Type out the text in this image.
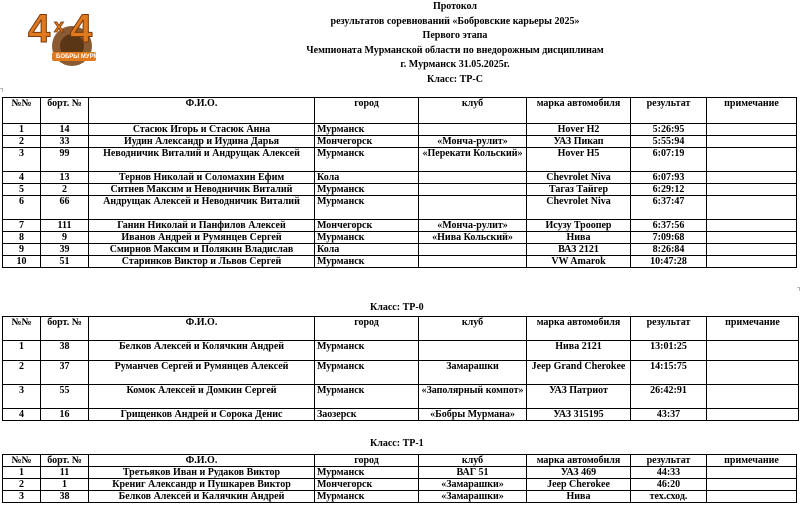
4 x 4
БОБРЫ МУРМАНА
Протокол
результатов соревнований «Бобровские карьеры 2025»
Первого этапа
Чемпионата Мурманской области по внедорожным дисциплинам
г. Мурманск 31.05.2025г.
Класс: ТР-С
┐
┐
№№	борт. №	Ф.И.О.	город	клуб	марка автомобиля	результат	примечание
1	14	Стасюк Игорь и Стасюк Анна	Мурманск		Hover H2	5:26:95	
2	33	Иудин Александр и Иудина Дарья	Мончегорск	«Мончa-рулит»	УАЗ Пикап	5:55:94	
3	99	Неводничик Виталий и Андрущак Алексей	Мурманск	«Перекати Кольский»	Hover H5	6:07:19	
4	13	Тернов Николай и Соломахин Ефим	Кола		Chevrolet Niva	6:07:93	
5	2	Ситнев Максим и Неводничик Виталий	Мурманск		Тагаз Тайгер	6:29:12	
6	66	Андрущак Алексей и Неводничик Виталий	Мурманск		Chevrolet Niva	6:37:47	
7	111	Ганин Николай и Панфилов Алексей	Мончегорск	«Мончa-рулит»	Исузу Троопер	6:37:56	
8	9	Иванов Андрей и Румянцев Сергей	Мурманск	«Нива Кольский»	Нива	7:09:68	
9	39	Смирнов Максим и Полякин Владислав	Кола		ВАЗ 2121	8:26:84	
10	51	Старинков Виктор и Львов Сергей	Мурманск		VW Amarok	10:47:28	
Класс: ТР-0
№№	борт. №	Ф.И.О.	город	клуб	марка автомобиля	результат	примечание
1	38	Белков Алексей и Колячкин Андрей	Мурманск		Нива 2121	13:01:25	
2	37	Руманчев Сергей и Румянцев Алексей	Мурманск	Замарашки	Jeep Grand Cherokee	14:15:75	
3	55	Комок Алексей и Домкин Сергей	Мурманск	«Заполярный компот»	УАЗ Патриот	26:42:91	
4	16	Грищенков Андрей и Сорока Денис	Заозерск	«Бобры Мурмана»	УАЗ 315195	43:37	
Класс: ТР-1
№№	борт. №	Ф.И.О.	город	клуб	марка автомобиля	результат	примечание
1	11	Третьяков Иван и Рудаков Виктор	Мурманск	ВАГ 51	УАЗ 469	44:33	
2	1	Крениг Александр и Пушкарев Виктор	Мончегорск	«Замарашки»	Jeep Cherokee	46:20	
3	38	Белков Алексей и Калячкин Андрей	Мурманск	«Замарашки»	Нива	тех.сход.	
